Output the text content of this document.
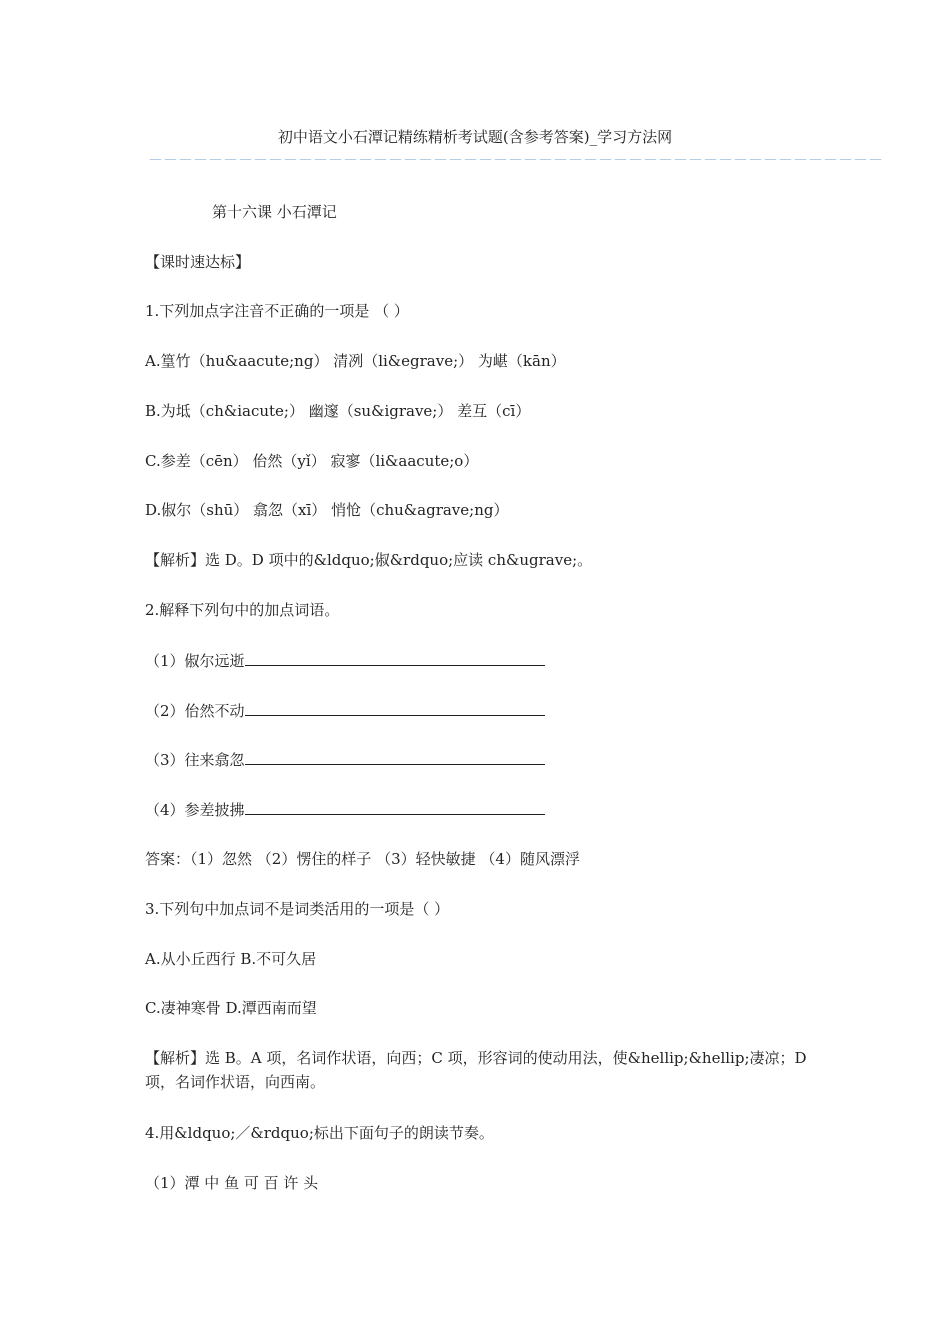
初中语文小石潭记精练精析考试题(含参考答案)_学习方法网
－－－－－－－－－－－－－－－－－－－－－－－－－－－－－－－－－－－－－－－－－－－－－－－－－
第十六课 小石潭记
【课时速达标】
1.下列加点字注音不正确的一项是 （ ）
A.篁竹（hu&aacute;ng） 清冽（li&egrave;） 为嵁（kān）
B.为坻（ch&iacute;） 幽邃（su&igrave;） 差互（cī）
C.参差（cēn） 佁然（yǐ） 寂寥（li&aacute;o）
D.俶尔（shū） 翕忽（xī） 悄怆（chu&agrave;ng）
【解析】选 D。D 项中的&ldquo;俶&rdquo;应读 ch&ugrave;。
2.解释下列句中的加点词语。
（1）俶尔远逝
（2）佁然不动
（3）往来翕忽
（4）参差披拂
答案：（1）忽然 （2）愣住的样子 （3）轻快敏捷 （4）随风漂浮
3.下列句中加点词不是词类活用的一项是（ ）
A.从小丘西行 B.不可久居
C.凄神寒骨 D.潭西南而望
【解析】选 B。A 项，名词作状语，向西；C 项，形容词的使动用法，使&hellip;&hellip;凄凉；D 项，名词作状语，向西南。
4.用&ldquo;／&rdquo;标出下面句子的朗读节奏。
（1）潭 中 鱼 可 百 许 头
